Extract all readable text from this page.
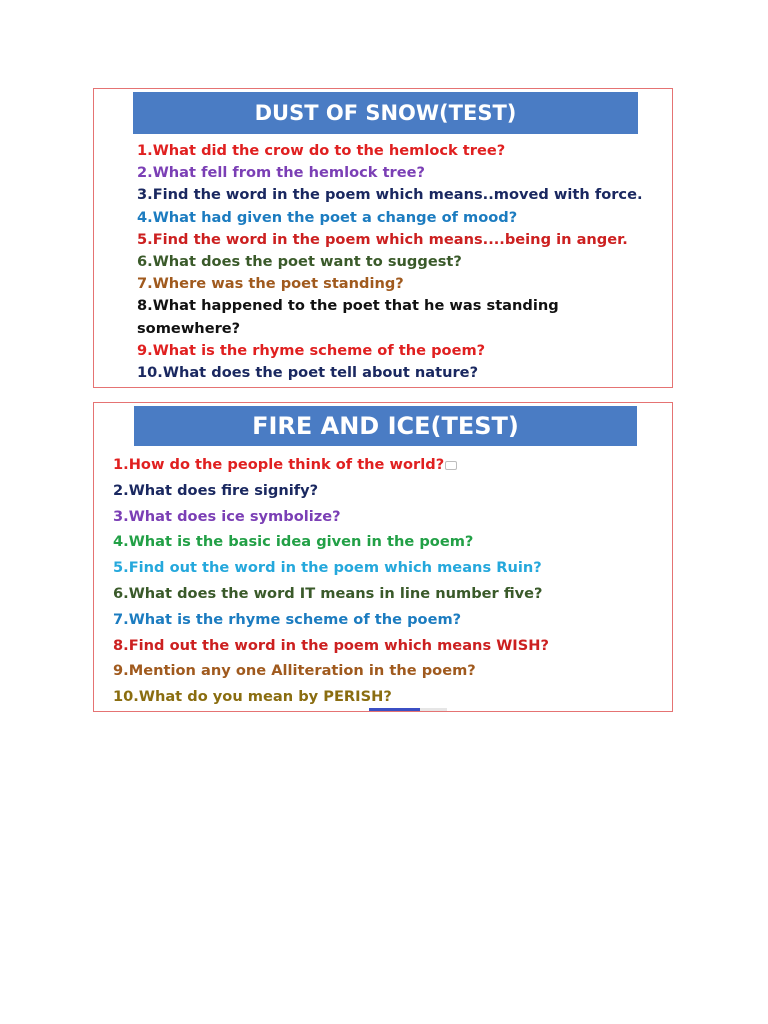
DUST OF SNOW(TEST)
1.What did the crow do to the hemlock tree?
2.What fell from the hemlock tree?
3.Find the word in the poem which means..moved with force.
4.What had given the poet a change of mood?
5.Find the word in the poem which means....being in anger.
6.What does the poet want to suggest?
7.Where was the poet standing?
8.What happened to the poet that he was standing somewhere?
9.What is the rhyme scheme of the poem?
10.What does the poet tell about nature?
FIRE AND ICE(TEST)
1.How do the people think of the world?
2.What does fire signify?
3.What does ice symbolize?
4.What is the basic idea given in the poem?
5.Find out the word in the poem which means Ruin?
6.What does the word IT means in line number five?
7.What is the rhyme scheme of the poem?
8.Find out the word in the poem which means WISH?
9.Mention any one Alliteration in the poem?
10.What do you mean by PERISH?
